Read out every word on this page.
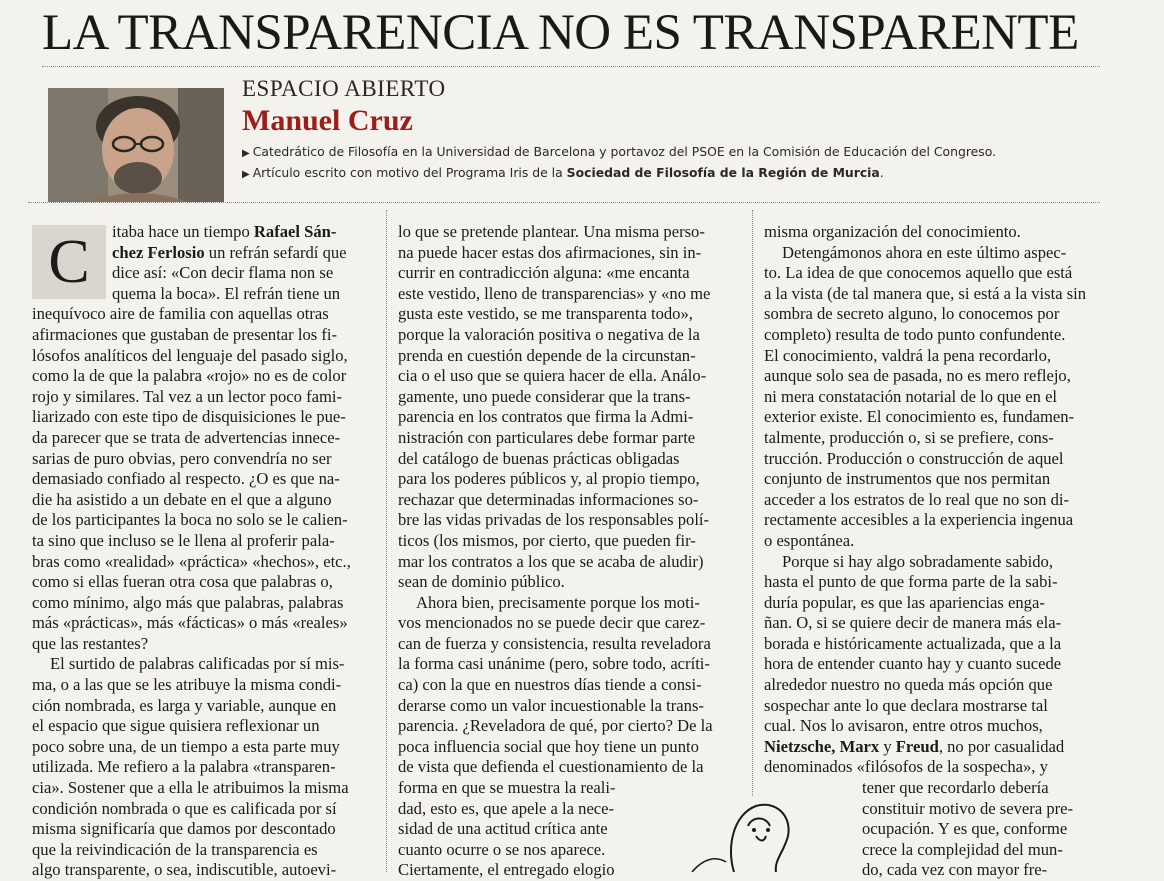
LA TRANSPARENCIA NO ES TRANSPARENTE
ESPACIO ABIERTO
Manuel Cruz
▶ Catedrático de Filosofía en la Universidad de Barcelona y portavoz del PSOE en la Comisión de Educación del Congreso.
▶ Artículo escrito con motivo del Programa Iris de la Sociedad de Filosofía de la Región de Murcia.
C	itaba hace un tiempo Rafael Sán-
chez Ferlosio un refrán sefardí que
dice así: «Con decir flama non se
quema la boca». El refrán tiene un
inequívoco aire de familia con aquellas otras
afirmaciones que gustaban de presentar los fi-
lósofos analíticos del lenguaje del pasado siglo,
como la de que la palabra «rojo» no es de color
rojo y similares. Tal vez a un lector poco fami-
liarizado con este tipo de disquisiciones le pue-
da parecer que se trata de advertencias innece-
sarias de puro obvias, pero convendría no ser
demasiado confiado al respecto. ¿O es que na-
die ha asistido a un debate en el que a alguno
de los participantes la boca no solo se le calien-
ta sino que incluso se le llena al proferir pala-
bras como «realidad» «práctica» «hechos», etc.,
como si ellas fueran otra cosa que palabras o,
como mínimo, algo más que palabras, palabras
más «prácticas», más «fácticas» o más «reales»
que las restantes?
El surtido de palabras calificadas por sí mis-
ma, o a las que se les atribuye la misma condi-
ción nombrada, es larga y variable, aunque en
el espacio que sigue quisiera reflexionar un
poco sobre una, de un tiempo a esta parte muy
utilizada. Me refiero a la palabra «transparen-
cia». Sostener que a ella le atribuimos la misma
condición nombrada o que es calificada por sí
misma significaría que damos por descontado
que la reivindicación de la transparencia es
algo transparente, o sea, indiscutible, autoevi-
lo que se pretende plantear. Una misma perso-
na puede hacer estas dos afirmaciones, sin in-
currir en contradicción alguna: «me encanta
este vestido, lleno de transparencias» y «no me
gusta este vestido, se me transparenta todo»,
porque la valoración positiva o negativa de la
prenda en cuestión depende de la circunstan-
cia o el uso que se quiera hacer de ella. Análo-
gamente, uno puede considerar que la trans-
parencia en los contratos que firma la Admi-
nistración con particulares debe formar parte
del catálogo de buenas prácticas obligadas
para los poderes públicos y, al propio tiempo,
rechazar que determinadas informaciones so-
bre las vidas privadas de los responsables polí-
ticos (los mismos, por cierto, que pueden fir-
mar los contratos a los que se acaba de aludir)
sean de dominio público.
Ahora bien, precisamente porque los moti-
vos mencionados no se puede decir que carez-
can de fuerza y consistencia, resulta reveladora
la forma casi unánime (pero, sobre todo, acríti-
ca) con la que en nuestros días tiende a consi-
derarse como un valor incuestionable la trans-
parencia. ¿Reveladora de qué, por cierto? De la
poca influencia social que hoy tiene un punto
de vista que defienda el cuestionamiento de la
forma en que se muestra la reali-
dad, esto es, que apele a la nece-
sidad de una actitud crítica ante
cuanto ocurre o se nos aparece.
Ciertamente, el entregado elogio
misma organización del conocimiento.
Detengámonos ahora en este último aspec-
to. La idea de que conocemos aquello que está
a la vista (de tal manera que, si está a la vista sin
sombra de secreto alguno, lo conocemos por
completo) resulta de todo punto confundente.
El conocimiento, valdrá la pena recordarlo,
aunque solo sea de pasada, no es mero reflejo,
ni mera constatación notarial de lo que en el
exterior existe. El conocimiento es, fundamen-
talmente, producción o, si se prefiere, cons-
trucción. Producción o construcción de aquel
conjunto de instrumentos que nos permitan
acceder a los estratos de lo real que no son di-
rectamente accesibles a la experiencia ingenua
o espontánea.
Porque si hay algo sobradamente sabido,
hasta el punto de que forma parte de la sabi-
duría popular, es que las apariencias enga-
ñan. O, si se quiere decir de manera más ela-
borada e históricamente actualizada, que a la
hora de entender cuanto hay y cuanto sucede
alrededor nuestro no queda más opción que
sospechar ante lo que declara mostrarse tal
cual. Nos lo avisaron, entre otros muchos,
Nietzsche, Marx y Freud, no por casualidad
denominados «filósofos de la sospecha», y
tener que recordarlo debería
constituir motivo de severa pre-
ocupación. Y es que, conforme
crece la complejidad del mun-
do, cada vez con mayor fre-
